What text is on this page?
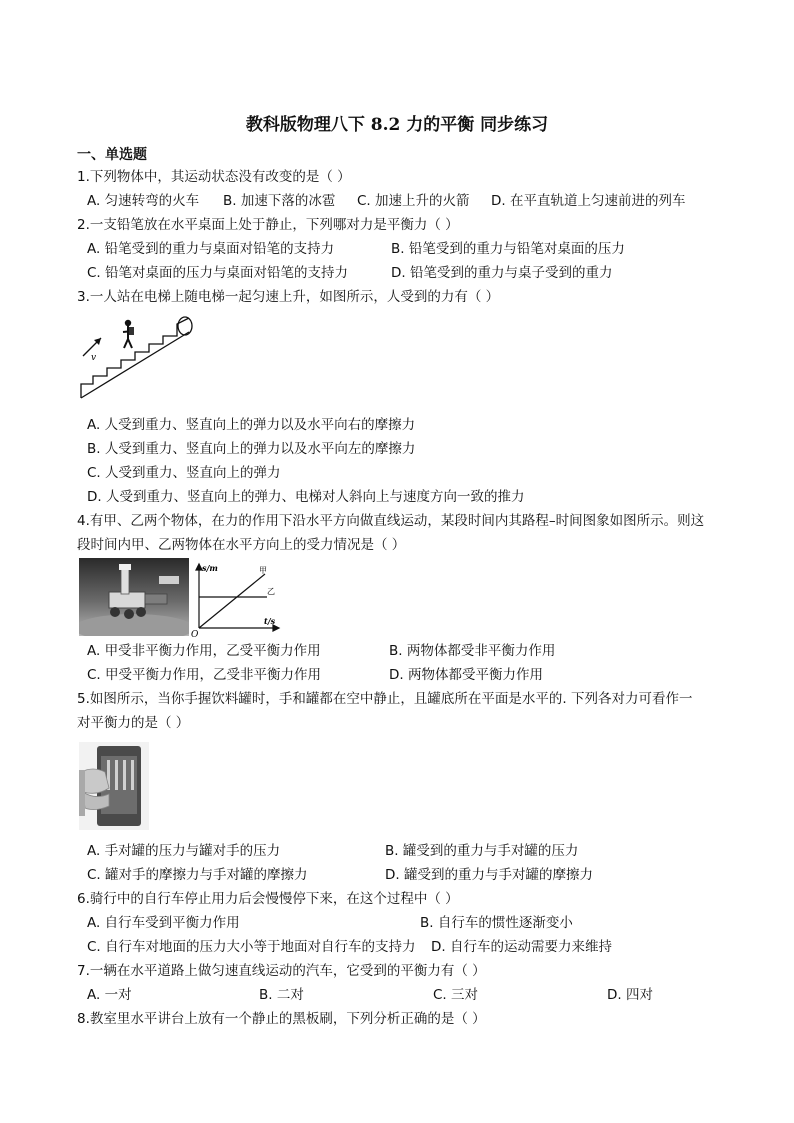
教科版物理八下 8.2 力的平衡 同步练习
一、单选题
1.下列物体中，其运动状态没有改变的是（ ）
A. 匀速转弯的火车 B. 加速下落的冰雹 C. 加速上升的火箭 D. 在平直轨道上匀速前进的列车
2.一支铅笔放在水平桌面上处于静止，下列哪对力是平衡力（ ）
A. 铅笔受到的重力与桌面对铅笔的支持力	B. 铅笔受到的重力与铅笔对桌面的压力
C. 铅笔对桌面的压力与桌面对铅笔的支持力	D. 铅笔受到的重力与桌子受到的重力
3.一人站在电梯上随电梯一起匀速上升，如图所示，人受到的力有（ ）
v
A. 人受到重力、竖直向上的弹力以及水平向右的摩擦力
B. 人受到重力、竖直向上的弹力以及水平向左的摩擦力
C. 人受到重力、竖直向上的弹力
D. 人受到重力、竖直向上的弹力、电梯对人斜向上与速度方向一致的推力
4.有甲、乙两个物体，在力的作用下沿水平方向做直线运动，某段时间内其路程–时间图象如图所示。则这
段时间内甲、乙两物体在水平方向上的受力情况是（ ）
s/m
t/s
O
甲
乙
A. 甲受非平衡力作用，乙受平衡力作用	B. 两物体都受非平衡力作用
C. 甲受平衡力作用，乙受非平衡力作用	D. 两物体都受平衡力作用
5.如图所示，当你手握饮料罐时，手和罐都在空中静止，且罐底所在平面是水平的. 下列各对力可看作一
对平衡力的是（ ）
A. 手对罐的压力与罐对手的压力	B. 罐受到的重力与手对罐的压力
C. 罐对手的摩擦力与手对罐的摩擦力	D. 罐受到的重力与手对罐的摩擦力
6.骑行中的自行车停止用力后会慢慢停下来，在这个过程中（ ）
A. 自行车受到平衡力作用	B. 自行车的惯性逐渐变小
C. 自行车对地面的压力大小等于地面对自行车的支持力 D. 自行车的运动需要力来维持
7.一辆在水平道路上做匀速直线运动的汽车，它受到的平衡力有（ ）
A. 一对	B. 二对	C. 三对	D. 四对
8.教室里水平讲台上放有一个静止的黑板刷，下列分析正确的是（ ）
